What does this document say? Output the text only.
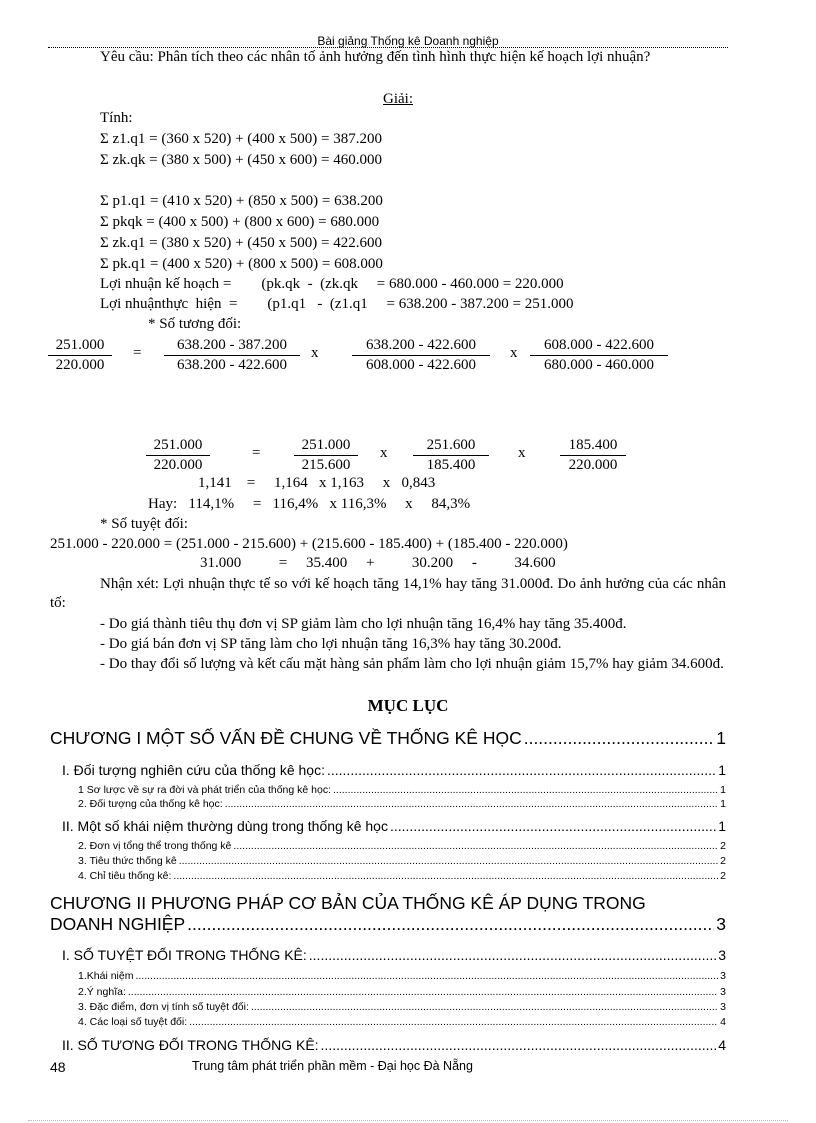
Bài giảng Thống kê Doanh nghiệp
Yêu cầu: Phân tích theo các nhân tố ảnh hưởng đến tình hình thực hiện kế hoạch lợi nhuận?
Giải:
Tính:
Σ z1.q1 = (360 x 520) + (400 x 500) = 387.200
Σ zk.qk = (380 x 500) + (450 x 600) = 460.000
Σ p1.q1 = (410 x 520) + (850 x 500) = 638.200
Σ pkqk = (400 x 500) + (800 x 600) = 680.000
Σ zk.q1 = (380 x 520) + (450 x 500) = 422.600
Σ pk.q1 = (400 x 520) + (800 x 500) = 608.000
Lợi nhuận kế hoạch =        (pk.qk  -  (zk.qk     = 680.000 - 460.000 = 220.000
Lợi nhuậnthực  hiện  =        (p1.q1   -  (z1.q1     = 638.200 - 387.200 = 251.000
* Số tương đối:
$\frac{251.000}{220.000} = \frac{638.200 - 387.200}{638.200 - 422.600}$ x $\frac{638.200 - 422.600}{608.000 - 422.600}$ x $\frac{608.000 - 422.600}{680.000 - 460.000}$
$\frac{251.000}{220.000}$	= $\frac{251.000}{215.600}$ x $\frac{251.600}{185.400}$ x $\frac{185.400}{220.000}$
1,141    =     1,164   x 1,163     x   0,843
Hay:   114,1%     =   116,4%   x 116,3%     x     84,3%
* Số tuyệt đối:
251.000 - 220.000 = (251.000 - 215.600) + (215.600 - 185.400) + (185.400 - 220.000)
31.000          =     35.400     +          30.200     -          34.600
Nhận xét: Lợi nhuận thực tế so với kế hoạch tăng 14,1% hay tăng 31.000đ. Do ảnh hưởng của các nhân tố:
- Do giá thành tiêu thụ đơn vị SP giảm làm cho lợi nhuận tăng 16,4% hay tăng 35.400đ.
- Do giá bán đơn vị SP tăng làm cho lợi nhuận tăng 16,3% hay tăng 30.200đ.
- Do thay đổi số lượng và kết cấu mặt hàng sản phẩm làm cho lợi nhuận giảm 15,7% hay giảm 34.600đ.
MỤC LỤC
CHƯƠNG I MỘT SỐ VẤN ĐỀ CHUNG VỀ THỐNG KÊ HỌC .....	1
I. Đối tượng nghiên cứu của thống kê học: .....	1
1 Sơ lược về sự ra đời và phát triển của thống kê học: .....	1
2. Đối tượng của thống kê học: .....	1
II. Một số khái niệm thường dùng trong thống kê học .....	1
2. Đơn vị tổng thể trong thống kê .....	2
3. Tiêu thức thống kê .....	2
4. Chỉ tiêu thống kê: .....	2
CHƯƠNG II PHƯƠNG PHÁP CƠ BẢN CỦA THỐNG KÊ ÁP DỤNG TRONG
DOANH NGHIỆP .....	3
I. SỐ TUYỆT ĐỐI TRONG THỐNG KÊ: .....	3
1.Khái niệm .....	3
2.Ý nghĩa: .....	3
3. Đặc điểm, đơn vị tính số tuyệt đối: .....	3
4. Các loại số tuyệt đối: .....	4
II. SỐ TƯƠNG ĐỐI TRONG THỐNG KÊ: .....	4
48	Trung tâm phát triển phần mềm - Đại học Đà Nẵng
